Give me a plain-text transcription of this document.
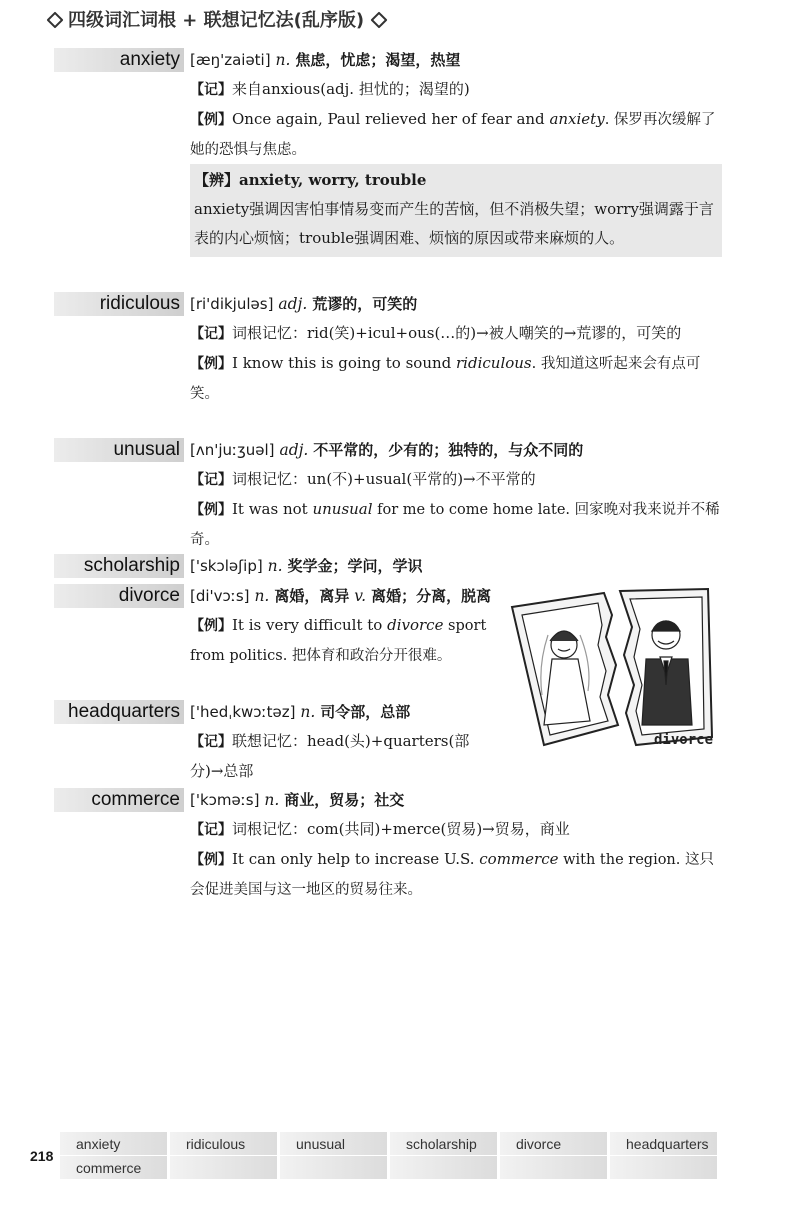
四级词汇词根 + 联想记忆法(乱序版)
anxiety [æŋ'zaiəti] n. 焦虑，忧虑；渴望，热望

【记】来自anxious(adj. 担忧的；渴望的)

【例】Once again, Paul relieved her of fear and anxiety. 保罗再次缓解了她的恐惧与焦虑。

【辨】anxiety, worry, trouble
anxiety强调因害怕事情易变而产生的苦恼，但不消极失望；worry强调露于言表的内心烦恼；trouble强调困难、烦恼的原因或带来麻烦的人。
ridiculous [ri'dikjuləs] adj. 荒谬的，可笑的

【记】词根记忆：rid(笑)+icul+ous(…的)→被人嘲笑的→荒谬的，可笑的

【例】I know this is going to sound ridiculous. 我知道这听起来会有点可笑。

unusual [ʌn'juːʒuəl] adj. 不平常的，少有的；独特的，与众不同的

【记】词根记忆：un(不)+usual(平常的)→不平常的

【例】It was not unusual for me to come home late. 回家晚对我来说并不稀奇。

scholarship ['skɔləʃip] n. 奖学金；学问，学识

divorce [di'vɔːs] n. 离婚，离异 v. 离婚；分离，脱离

【例】It is very difficult to divorce sport from politics. 把体育和政治分开很难。

headquarters ['hedˌkwɔːtəz] n. 司令部，总部

【记】联想记忆：head(头)+quarters(部分)→总部

commerce ['kɔməːs] n. 商业，贸易；社交

【记】词根记忆：com(共同)+merce(贸易)→贸易，商业

【例】It can only help to increase U.S. commerce with the region. 这只会促进美国与这一地区的贸易往来。

divorce
218
anxiety	ridiculous	unusual	scholarship	divorce	headquarters
commerce
